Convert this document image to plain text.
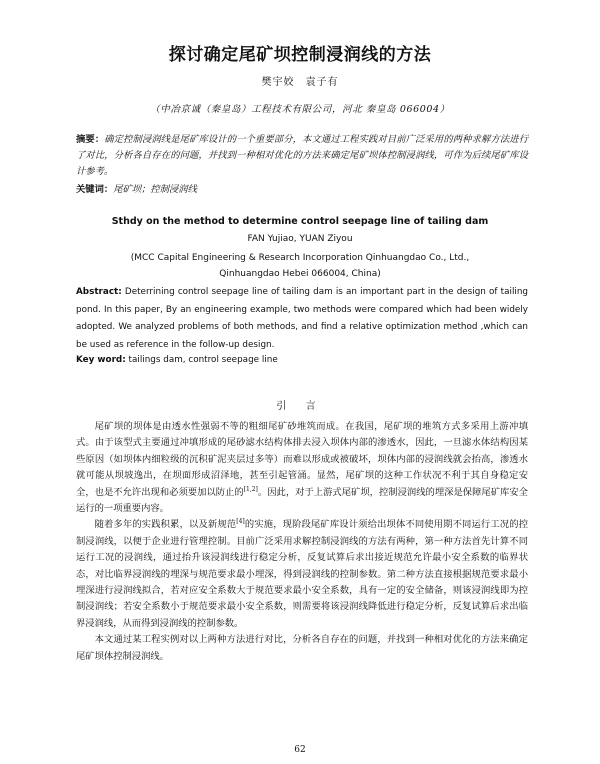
探讨确定尾矿坝控制浸润线的方法
樊宇姣　袁子有
（中冶京诚（秦皇岛）工程技术有限公司，河北 秦皇岛 066004）
摘要：确定控制浸润线是尾矿库设计的一个重要部分，本文通过工程实践对目前广泛采用的两种求解方法进行了对比，分析各自存在的问题，并找到一种相对优化的方法来确定尾矿坝体控制浸润线，可作为后续尾矿库设计参考。
关键词：尾矿坝；控制浸润线
Sthdy on the method to determine control seepage line of tailing dam
FAN Yujiao, YUAN Ziyou
(MCC Capital Engineering & Research Incorporation Qinhuangdao Co., Ltd.,
Qinhuangdao Hebei 066004, China)
Abstract: Deterrining control seepage line of tailing dam is an important part in the design of tailing pond. In this paper, By an engineering example, two methods were compared which had been widely adopted. We analyzed problems of both methods, and find a relative optimization method ,which can be used as reference in the follow-up design.
Key word: tailings dam, control seepage line
引 言

尾矿坝的坝体是由透水性强弱不等的粗细尾矿砂堆筑而成。在我国，尾矿坝的堆筑方式多采用上游冲填式。由于该型式主要通过冲填形成的尾砂滤水结构体排去浸入坝体内部的渗透水，因此，一旦滤水体结构因某些原因（如坝体内细粒级的沉积矿泥夹层过多等）而难以形成或被破坏，坝体内部的浸润线就会抬高，渗透水就可能从坝坡逸出，在坝面形成沼泽地，甚至引起管涌。显然，尾矿坝的这种工作状况不利于其自身稳定安全，也是不允许出现和必须要加以防止的[1,2]。因此，对于上游式尾矿坝，控制浸润线的埋深是保障尾矿库安全运行的一项重要内容。

随着多年的实践积累，以及新规范[4]的实施，现阶段尾矿库设计须给出坝体不同使用期不同运行工况的控制浸润线，以便于企业进行管理控制。目前广泛采用求解控制浸润线的方法有两种，第一种方法首先计算不同运行工况的浸润线，通过抬升该浸润线进行稳定分析，反复试算后求出接近规范允许最小安全系数的临界状态，对比临界浸润线的埋深与规范要求最小埋深，得到浸润线的控制参数。第二种方法直接根据规范要求最小埋深进行浸润线拟合，若对应安全系数大于规范要求最小安全系数，具有一定的安全储备，则该浸润线即为控制浸润线；若安全系数小于规范要求最小安全系数，则需要将该浸润线降低进行稳定分析，反复试算后求出临界浸润线，从而得到浸润线的控制参数。

本文通过某工程实例对以上两种方法进行对比，分析各自存在的问题，并找到一种相对优化的方法来确定尾矿坝体控制浸润线。

62
